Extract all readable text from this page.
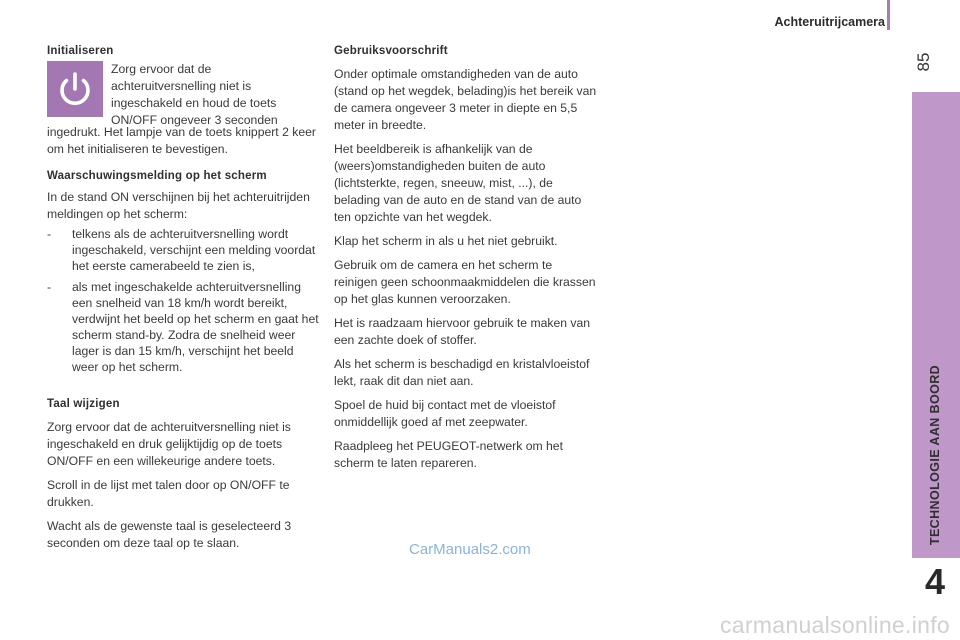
Achteruitrijcamera
85
TECHNOLOGIE AAN BOORD
4
Initialiseren
Zorg ervoor dat de achteruitversnelling niet is ingeschakeld en houd de toets ON/OFF ongeveer 3 seconden

ingedrukt. Het lampje van de toets knippert 2 keer om het initialiseren te bevestigen.

Waarschuwingsmelding op het scherm

In de stand ON verschijnen bij het achteruitrijden meldingen op het scherm:

- telkens als de achteruitversnelling wordt ingeschakeld, verschijnt een melding voordat het eerste camerabeeld te zien is,
- als met ingeschakelde achteruitversnelling een snelheid van 18 km/h wordt bereikt, verdwijnt het beeld op het scherm en gaat het scherm stand-by. Zodra de snelheid weer lager is dan 15 km/h, verschijnt het beeld weer op het scherm.
Taal wijzigen

Zorg ervoor dat de achteruitversnelling niet is ingeschakeld en druk gelijktijdig op de toets ON/OFF en een willekeurige andere toets.

Scroll in de lijst met talen door op ON/OFF te drukken.

Wacht als de gewenste taal is geselecteerd 3 seconden om deze taal op te slaan.

Gebruiksvoorschrift

Onder optimale omstandigheden van de auto (stand op het wegdek, belading)is het bereik van de camera ongeveer 3 meter in diepte en 5,5 meter in breedte.

Het beeldbereik is afhankelijk van de (weers)omstandigheden buiten de auto (lichtsterkte, regen, sneeuw, mist, ...), de belading van de auto en de stand van de auto ten opzichte van het wegdek.

Klap het scherm in als u het niet gebruikt.

Gebruik om de camera en het scherm te reinigen geen schoonmaakmiddelen die krassen op het glas kunnen veroorzaken.

Het is raadzaam hiervoor gebruik te maken van een zachte doek of stoffer.

Als het scherm is beschadigd en kristalvloeistof lekt, raak dit dan niet aan.

Spoel de huid bij contact met de vloeistof onmiddellijk goed af met zeepwater.

Raadpleeg het PEUGEOT-netwerk om het scherm te laten repareren.

CarManuals2.com
carmanualsonline.info
